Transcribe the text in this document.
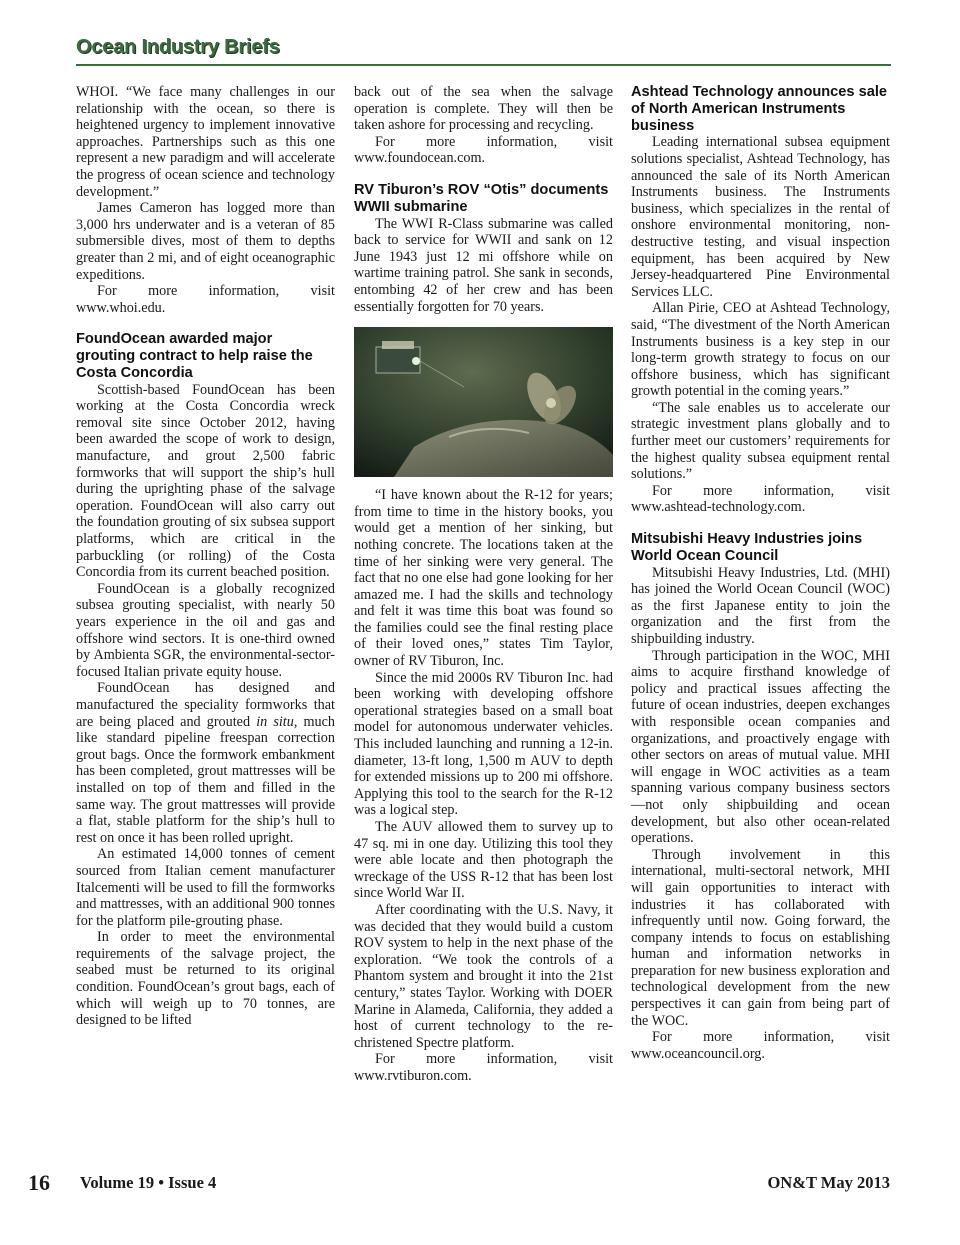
Ocean Industry Briefs

WHOI. “We face many challenges in our relationship with the ocean, so there is heightened urgency to implement innovative approaches. Partnerships such as this one represent a new paradigm and will accelerate the progress of ocean science and technology development.”

James Cameron has logged more than 3,000 hrs underwater and is a veteran of 85 submersible dives, most of them to depths greater than 2 mi, and of eight oceanographic expeditions.

For more information, visit www.whoi.edu.

FoundOcean awarded major grouting contract to help raise the Costa Concordia

Scottish-based FoundOcean has been working at the Costa Concordia wreck removal site since October 2012, having been awarded the scope of work to design, manufacture, and grout 2,500 fabric formworks that will support the ship’s hull during the uprighting phase of the salvage operation. FoundOcean will also carry out the foundation grouting of six subsea support platforms, which are critical in the parbuckling (or rolling) of the Costa Concordia from its current beached position.

FoundOcean is a globally recognized subsea grouting specialist, with nearly 50 years experience in the oil and gas and offshore wind sectors. It is one-third owned by Ambienta SGR, the environmental-sector-focused Italian private equity house.

FoundOcean has designed and manufactured the speciality formworks that are being placed and grouted in situ, much like standard pipeline freespan correction grout bags. Once the formwork embankment has been completed, grout mattresses will be installed on top of them and filled in the same way. The grout mattresses will provide a flat, stable platform for the ship’s hull to rest on once it has been rolled upright.

An estimated 14,000 tonnes of cement sourced from Italian cement manufacturer Italcementi will be used to fill the formworks and mattresses, with an additional 900 tonnes for the platform pile-grouting phase.

In order to meet the environmental requirements of the salvage project, the seabed must be returned to its original condition. FoundOcean’s grout bags, each of which will weigh up to 70 tonnes, are designed to be lifted

back out of the sea when the salvage operation is complete. They will then be taken ashore for processing and recycling.

For more information, visit www.foundocean.com.

RV Tiburon’s ROV “Otis” documents WWII submarine

The WWI R-Class submarine was called back to service for WWII and sank on 12 June 1943 just 12 mi offshore while on wartime training patrol. She sank in seconds, entombing 42 of her crew and has been essentially forgotten for 70 years.

“I have known about the R-12 for years; from time to time in the history books, you would get a mention of her sinking, but nothing concrete. The locations taken at the time of her sinking were very general. The fact that no one else had gone looking for her amazed me. I had the skills and technology and felt it was time this boat was found so the families could see the final resting place of their loved ones,” states Tim Taylor, owner of RV Tiburon, Inc.

Since the mid 2000s RV Tiburon Inc. had been working with developing offshore operational strategies based on a small boat model for autonomous underwater vehicles. This included launching and running a 12-in. diameter, 13-ft long, 1,500 m AUV to depth for extended missions up to 200 mi offshore. Applying this tool to the search for the R-12 was a logical step.

The AUV allowed them to survey up to 47 sq. mi in one day. Utilizing this tool they were able locate and then photograph the wreckage of the USS R-12 that has been lost since World War II.

After coordinating with the U.S. Navy, it was decided that they would build a custom ROV system to help in the next phase of the exploration. “We took the controls of a Phantom system and brought it into the 21st century,” states Taylor. Working with DOER Marine in Alameda, California, they added a host of current technology to the re-christened Spectre platform.

For more information, visit www.rvtiburon.com.

Ashtead Technology announces sale of North American Instruments business

Leading international subsea equipment solutions specialist, Ashtead Technology, has announced the sale of its North American Instruments business. The Instruments business, which specializes in the rental of onshore environmental monitoring, non-destructive testing, and visual inspection equipment, has been acquired by New Jersey-headquartered Pine Environmental Services LLC.

Allan Pirie, CEO at Ashtead Technology, said, “The divestment of the North American Instruments business is a key step in our long-term growth strategy to focus on our offshore business, which has significant growth potential in the coming years.”

“The sale enables us to accelerate our strategic investment plans globally and to further meet our customers’ requirements for the highest quality subsea equipment rental solutions.”

For more information, visit www.ashtead-technology.com.

Mitsubishi Heavy Industries joins World Ocean Council

Mitsubishi Heavy Industries, Ltd. (MHI) has joined the World Ocean Council (WOC) as the first Japanese entity to join the organization and the first from the shipbuilding industry.

Through participation in the WOC, MHI aims to acquire firsthand knowledge of policy and practical issues affecting the future of ocean industries, deepen exchanges with responsible ocean companies and organizations, and proactively engage with other sectors on areas of mutual value. MHI will engage in WOC activities as a team spanning various company business sectors—not only shipbuilding and ocean development, but also other ocean-related operations.

Through involvement in this international, multi-sectoral network, MHI will gain opportunities to interact with industries it has collaborated with infrequently until now. Going forward, the company intends to focus on establishing human and information networks in preparation for new business exploration and technological development from the new perspectives it can gain from being part of the WOC.

For more information, visit www.oceancouncil.org.

16 Volume 19 • Issue 4	ON&T May 2013
